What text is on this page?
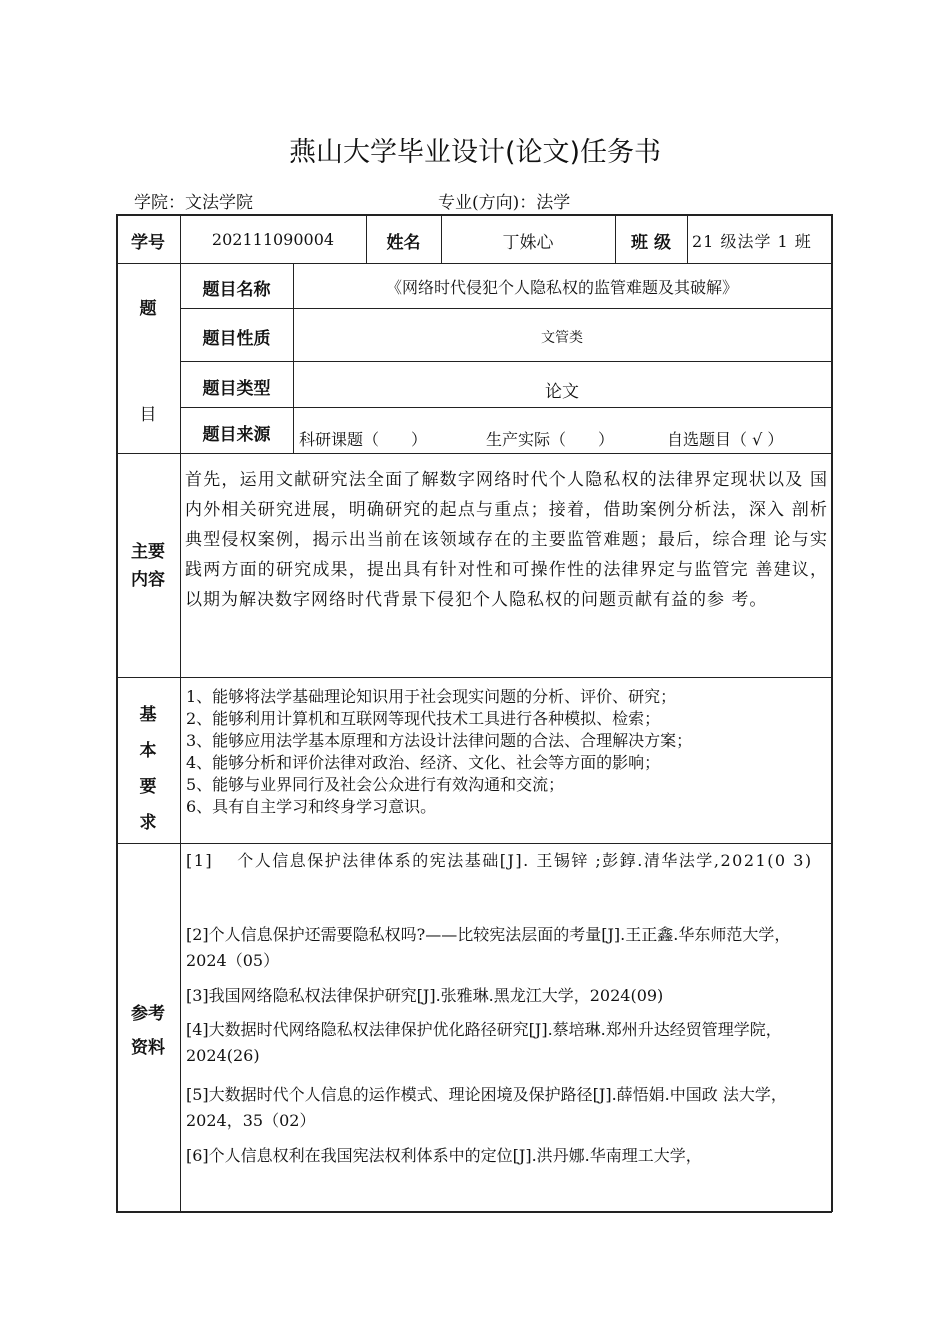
燕山大学毕业设计(论文)任务书
学院：文法学院	专业(方向)：法学
学号	202111090004	姓名	丁姝心	班 级	21 级法学 1 班
题
目
题目名称	《网络时代侵犯个人隐私权的监管难题及其破解》
题目性质	文管类
题目类型	论文
题目来源	科研课题（　　）	生产实际（　　）	自选题目（ √ ）
主要
内容
首先，运用文献研究法全面了解数字网络时代个人隐私权的法律界定现状以及 国内外相关研究进展，明确研究的起点与重点；接着，借助案例分析法，深入 剖析典型侵权案例，揭示出当前在该领域存在的主要监管难题；最后，综合理 论与实践两方面的研究成果，提出具有针对性和可操作性的法律界定与监管完 善建议，以期为解决数字网络时代背景下侵犯个人隐私权的问题贡献有益的参 考。
基
本
要
求
1、能够将法学基础理论知识用于社会现实问题的分析、评价、研究；
2、能够利用计算机和互联网等现代技术工具进行各种模拟、检索；
3、能够应用法学基本原理和方法设计法律问题的合法、合理解决方案；
4、能够分析和评价法律对政治、经济、文化、社会等方面的影响；
5、能够与业界同行及社会公众进行有效沟通和交流；
6、具有自主学习和终身学习意识。
参考
资料
[1]　 个人信息保护法律体系的宪法基础[J]. 王锡锌 ;彭錞.清华法学,2021(0 3)
[2]个人信息保护还需要隐私权吗?——比较宪法层面的考量[J].王正鑫.华东师范大学，2024（05）
[3]我国网络隐私权法律保护研究[J].张雅琳.黑龙江大学，2024(09)
[4]大数据时代网络隐私权法律保护优化路径研究[J].蔡培琳.郑州升达经贸管理学院，2024(26)
[5]大数据时代个人信息的运作模式、理论困境及保护路径[J].薛悟娟.中国政 法大学，2024，35（02）
[6]个人信息权利在我国宪法权利体系中的定位[J].洪丹娜.华南理工大学，
